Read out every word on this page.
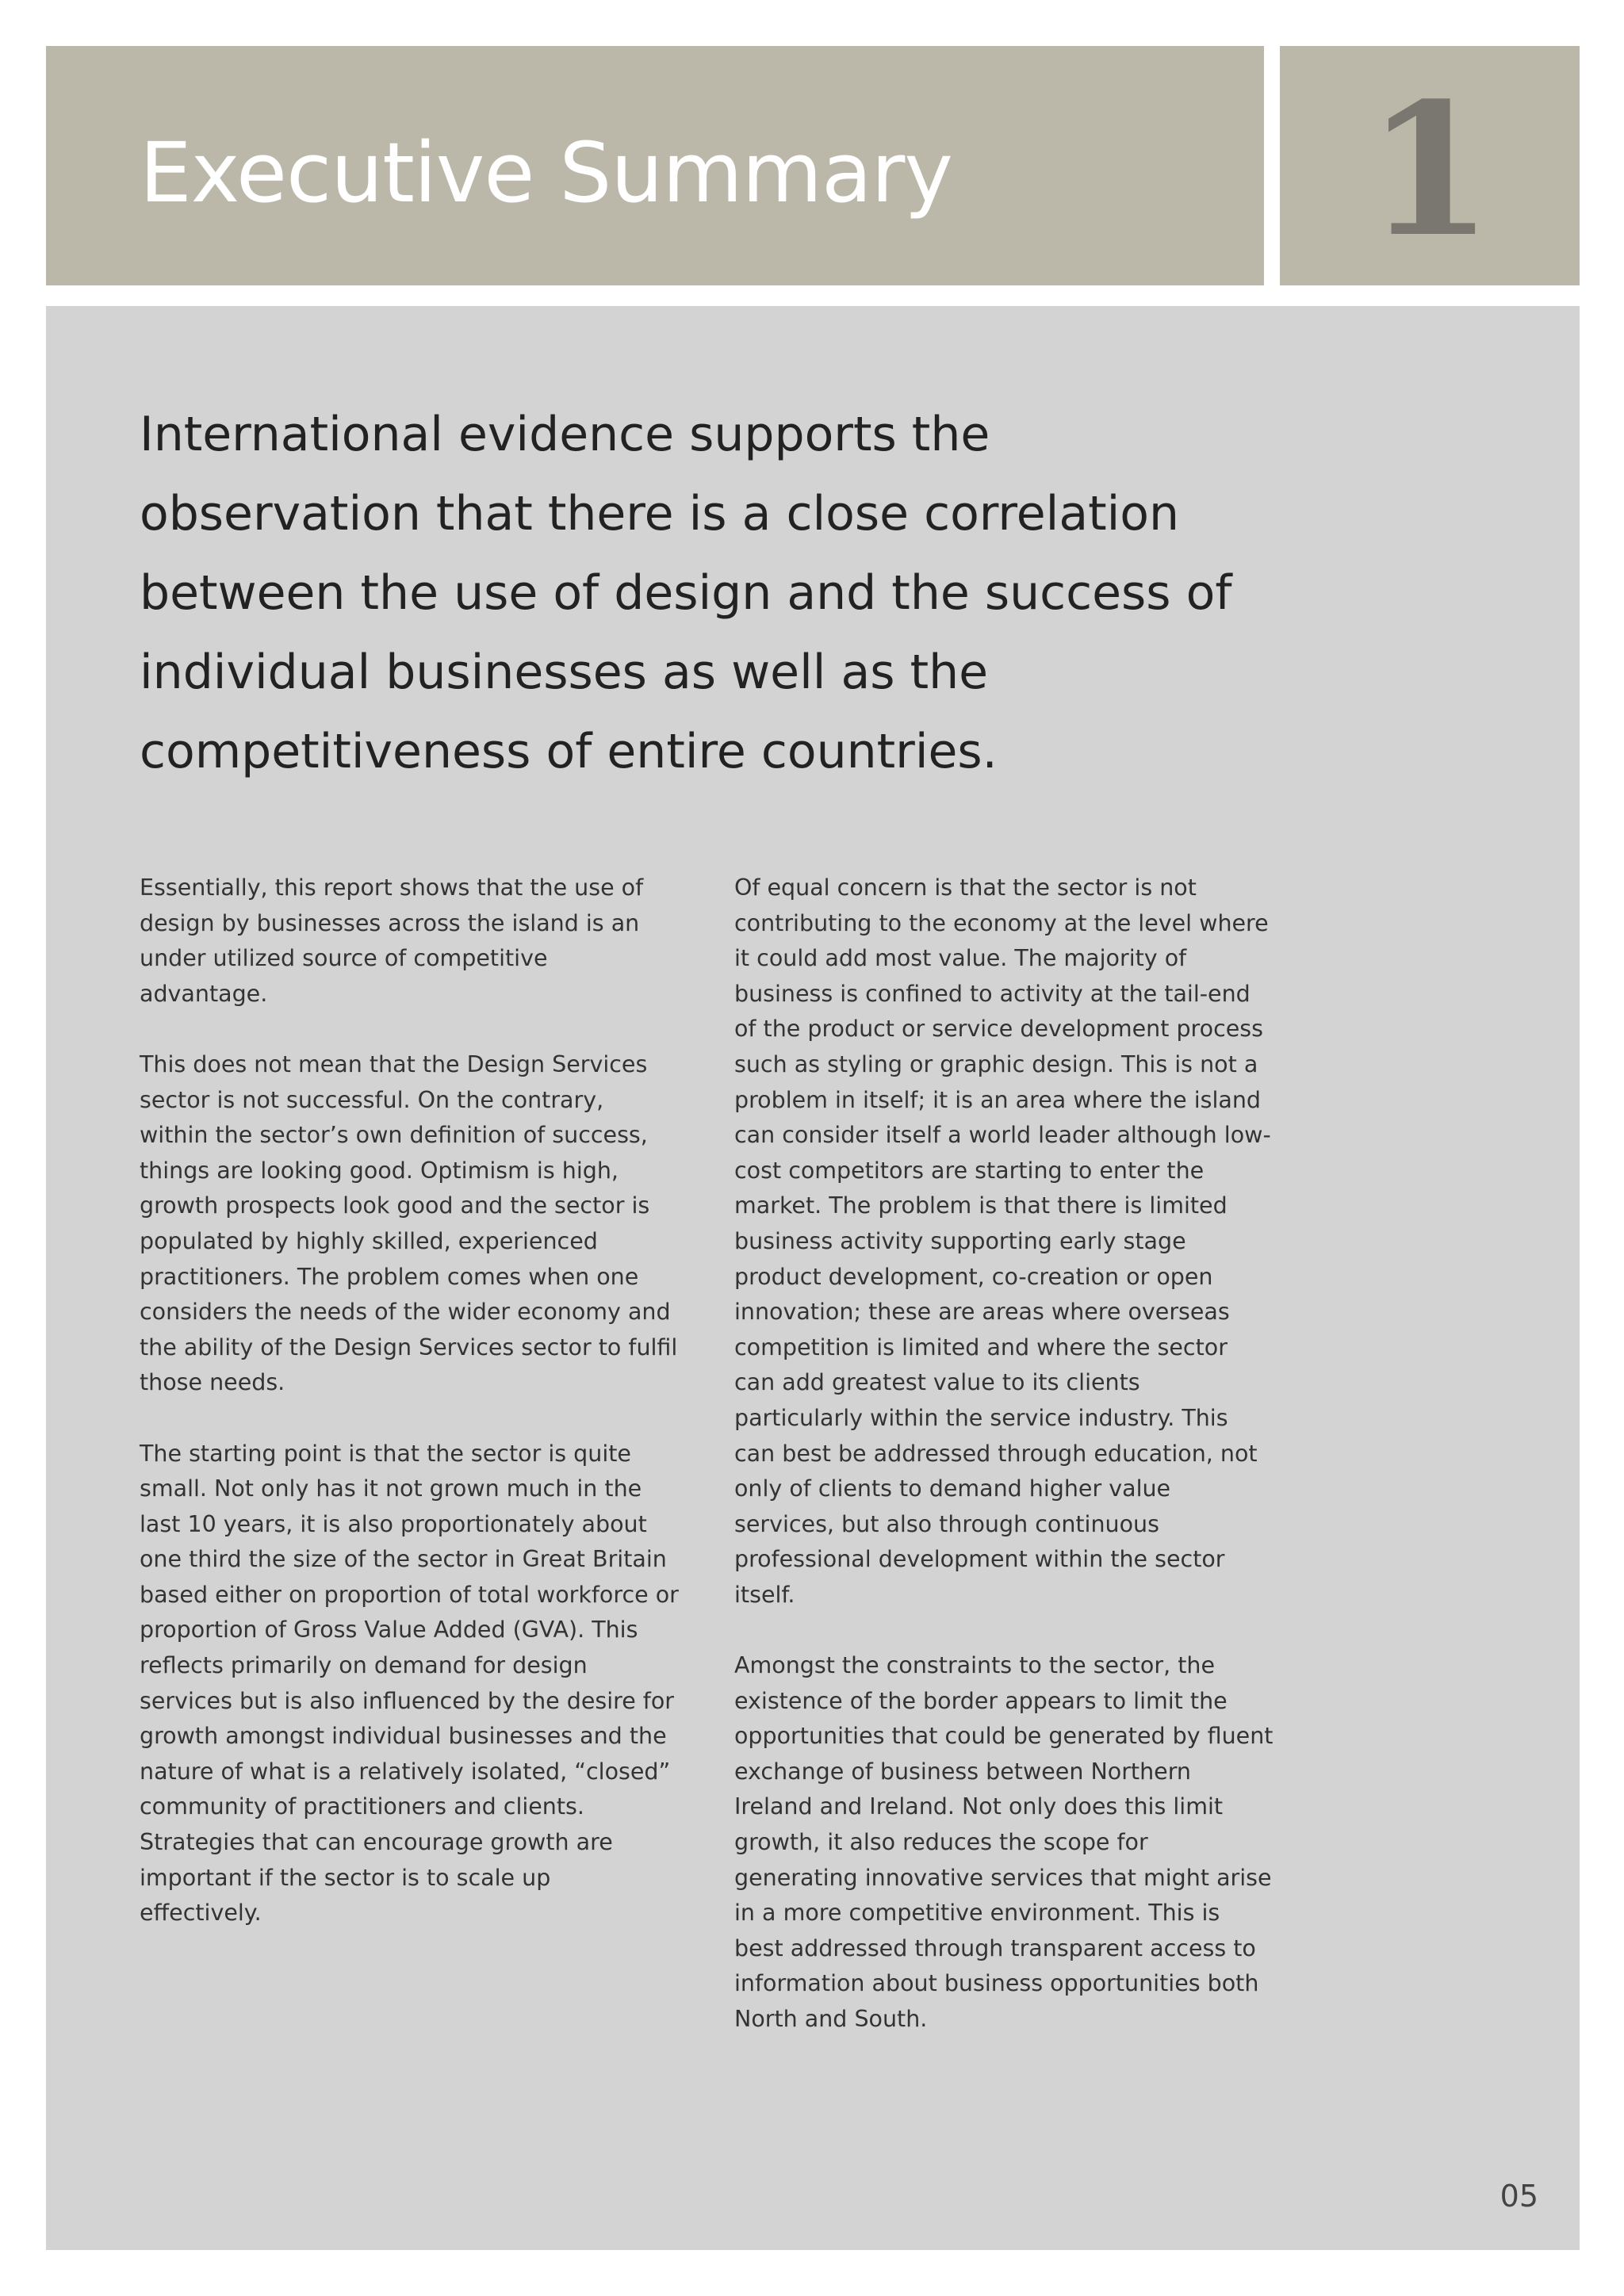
Executive Summary	1

International evidence supports the observation that there is a close correlation between the use of design and the success of individual businesses as well as the competitiveness of entire countries.

Essentially, this report shows that the use of design by businesses across the island is an under utilized source of competitive advantage.

This does not mean that the Design Services sector is not successful. On the contrary, within the sector’s own definition of success, things are looking good. Optimism is high, growth prospects look good and the sector is populated by highly skilled, experienced practitioners. The problem comes when one considers the needs of the wider economy and the ability of the Design Services sector to fulfil those needs.

The starting point is that the sector is quite small. Not only has it not grown much in the last 10 years, it is also proportionately about one third the size of the sector in Great Britain based either on proportion of total workforce or proportion of Gross Value Added (GVA). This reflects primarily on demand for design services but is also influenced by the desire for growth amongst individual businesses and the nature of what is a relatively isolated, “closed” community of practitioners and clients. Strategies that can encourage growth are important if the sector is to scale up effectively.

Of equal concern is that the sector is not contributing to the economy at the level where it could add most value. The majority of business is confined to activity at the tail-end of the product or service development process such as styling or graphic design. This is not a problem in itself; it is an area where the island can consider itself a world leader although low-cost competitors are starting to enter the market. The problem is that there is limited business activity supporting early stage product development, co-creation or open innovation; these are areas where overseas competition is limited and where the sector can add greatest value to its clients particularly within the service industry. This can best be addressed through education, not only of clients to demand higher value services, but also through continuous professional development within the sector itself.

Amongst the constraints to the sector, the existence of the border appears to limit the opportunities that could be generated by fluent exchange of business between Northern Ireland and Ireland. Not only does this limit growth, it also reduces the scope for generating innovative services that might arise in a more competitive environment. This is best addressed through transparent access to information about business opportunities both North and South.

05
